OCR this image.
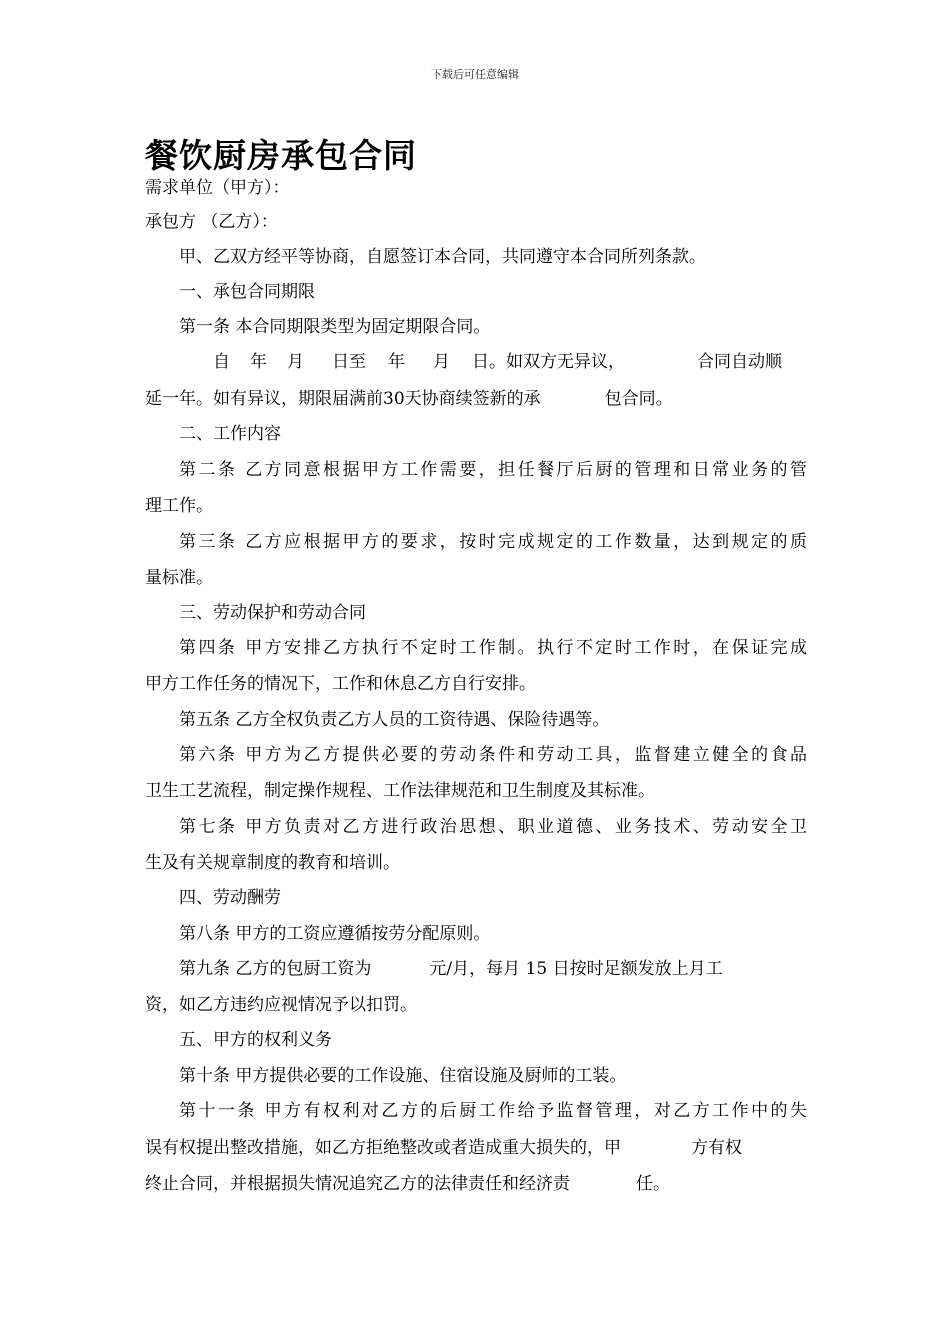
下载后可任意编辑
餐饮厨房承包合同
需求单位（甲方）：
承包方 （乙方）：
甲、乙双方经平等协商，自愿签订本合同，共同遵守本合同所列条款。
一、承包合同期限
第一条 本合同期限类型为固定期限合同。
自 年 月 日至 年 月 日。如双方无异议，	合同自动顺
延一年。如有异议，期限届满前30天协商续签新的承	包合同。
二、工作内容
第二条 乙方同意根据甲方工作需要，担任餐厅后厨的管理和日常业务的管
理工作。
第三条 乙方应根据甲方的要求，按时完成规定的工作数量，达到规定的质
量标准。
三、劳动保护和劳动合同
第四条 甲方安排乙方执行不定时工作制。执行不定时工作时，在保证完成
甲方工作任务的情况下，工作和休息乙方自行安排。
第五条 乙方全权负责乙方人员的工资待遇、保险待遇等。
第六条 甲方为乙方提供必要的劳动条件和劳动工具，监督建立健全的食品
卫生工艺流程，制定操作规程、工作法律规范和卫生制度及其标准。
第七条 甲方负责对乙方进行政治思想、职业道德、业务技术、劳动安全卫
生及有关规章制度的教育和培训。
四、劳动酬劳
第八条 甲方的工资应遵循按劳分配原则。
第九条 乙方的包厨工资为	元/月，每月 15 日按时足额发放上月工
资，如乙方违约应视情况予以扣罚。
五、甲方的权利义务
第十条 甲方提供必要的工作设施、住宿设施及厨师的工装。
第十一条 甲方有权利对乙方的后厨工作给予监督管理，对乙方工作中的失
误有权提出整改措施，如乙方拒绝整改或者造成重大损失的，甲	方有权
终止合同，并根据损失情况追究乙方的法律责任和经济责	任。
